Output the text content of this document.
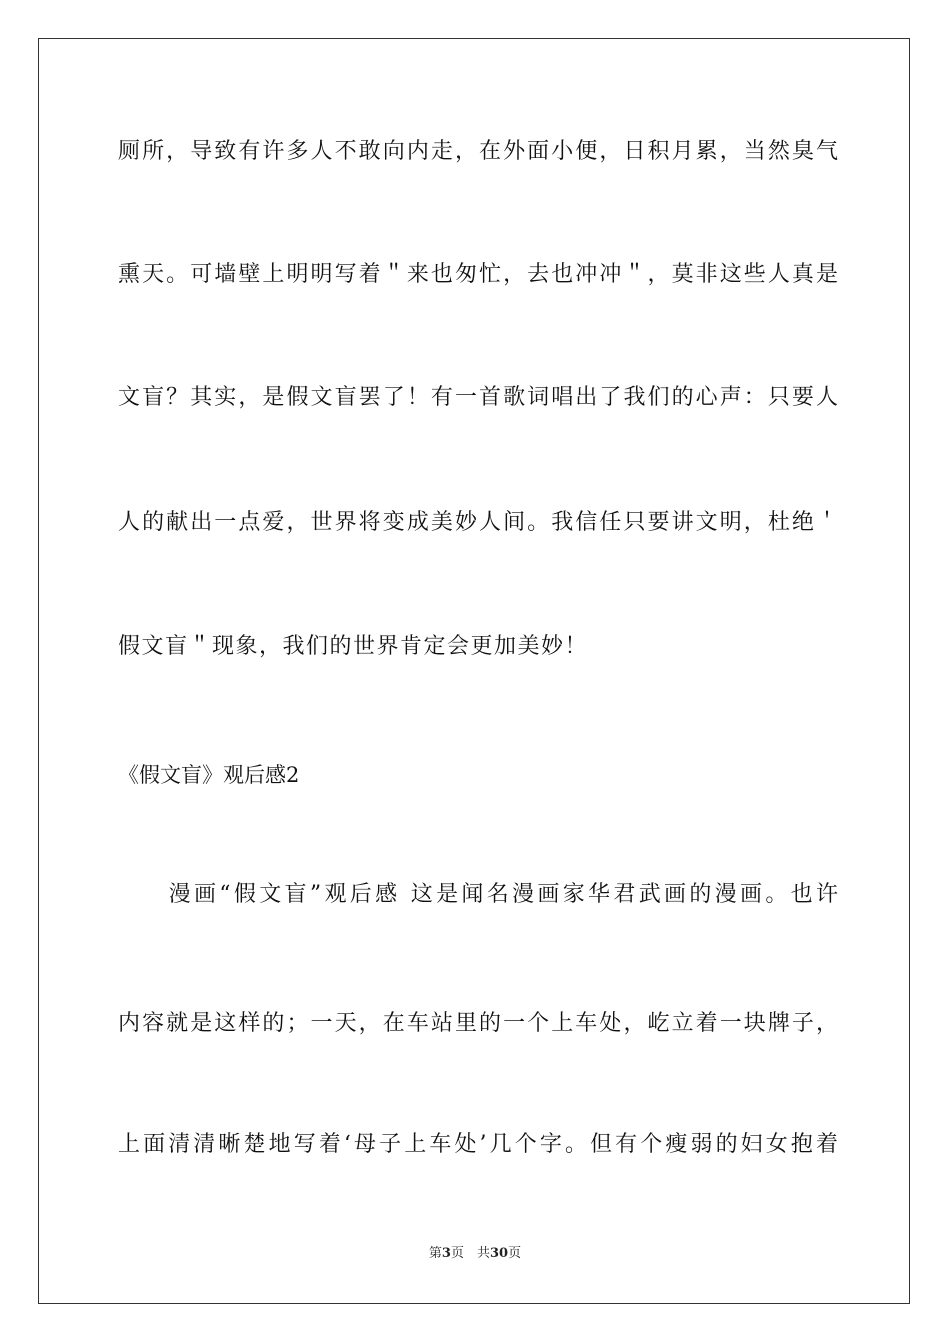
厕所，导致有许多人不敢向内走，在外面小便，日积月累，当然臭气
熏天。可墙壁上明明写着＂来也匆忙，去也冲冲＂，莫非这些人真是
文盲？其实，是假文盲罢了！有一首歌词唱出了我们的心声：只要人
人的献出一点爱，世界将变成美妙人间。我信任只要讲文明，杜绝＇
假文盲＂现象，我们的世界肯定会更加美妙！
《假文盲》观后感2
　　漫画“假文盲”观后感 这是闻名漫画家华君武画的漫画。也许
内容就是这样的；一天，在车站里的一个上车处，屹立着一块牌子，
上面清清晰楚地写着‘母子上车处’几个字。但有个瘦弱的妇女抱着
第3页　共30页
